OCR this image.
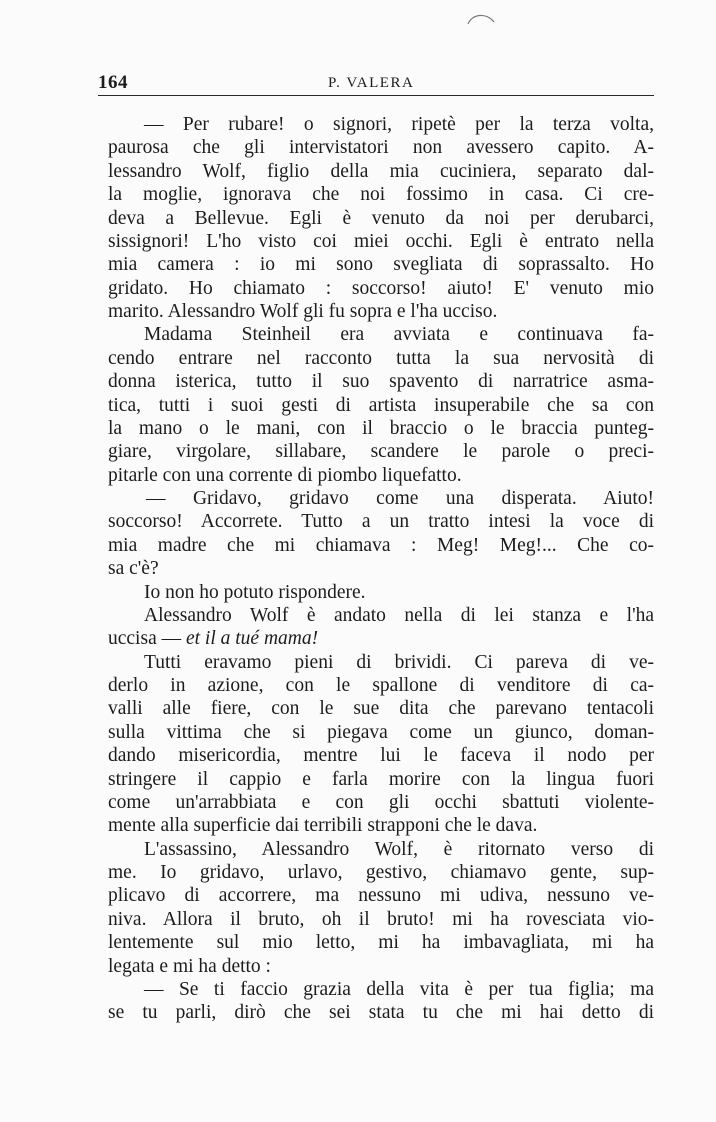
164	P. VALERA
— Per rubare! o signori, ripetè per la terza volta,
paurosa che gli intervistatori non avessero capito. A-
lessandro Wolf, figlio della mia cuciniera, separato dal-
la moglie, ignorava che noi fossimo in casa. Ci cre-
deva a Bellevue. Egli è venuto da noi per derubarci,
sissignori! L'ho visto coi miei occhi. Egli è entrato nella
mia camera : io mi sono svegliata di soprassalto. Ho
gridato. Ho chiamato : soccorso! aiuto! E' venuto mio
marito. Alessandro Wolf gli fu sopra e l'ha ucciso.
Madama Steinheil era avviata e continuava fa-
cendo entrare nel racconto tutta la sua nervosità di
donna isterica, tutto il suo spavento di narratrice asma-
tica, tutti i suoi gesti di artista insuperabile che sa con
la mano o le mani, con il braccio o le braccia punteg-
giare, virgolare, sillabare, scandere le parole o preci-
pitarle con una corrente di piombo liquefatto.
— Gridavo, gridavo come una disperata. Aiuto!
soccorso! Accorrete. Tutto a un tratto intesi la voce di
mia madre che mi chiamava : Meg! Meg!... Che co-
sa c'è?
Io non ho potuto rispondere.
Alessandro Wolf è andato nella di lei stanza e l'ha
uccisa — et il a tué mama!
Tutti eravamo pieni di brividi. Ci pareva di ve-
derlo in azione, con le spallone di venditore di ca-
valli alle fiere, con le sue dita che parevano tentacoli
sulla vittima che si piegava come un giunco, doman-
dando misericordia, mentre lui le faceva il nodo per
stringere il cappio e farla morire con la lingua fuori
come un'arrabbiata e con gli occhi sbattuti violente-
mente alla superficie dai terribili strapponi che le dava.
L'assassino, Alessandro Wolf, è ritornato verso di
me. Io gridavo, urlavo, gestivo, chiamavo gente, sup-
plicavo di accorrere, ma nessuno mi udiva, nessuno ve-
niva. Allora il bruto, oh il bruto! mi ha rovesciata vio-
lentemente sul mio letto, mi ha imbavagliata, mi ha
legata e mi ha detto :
— Se ti faccio grazia della vita è per tua figlia; ma
se tu parli, dirò che sei stata tu che mi hai detto di
